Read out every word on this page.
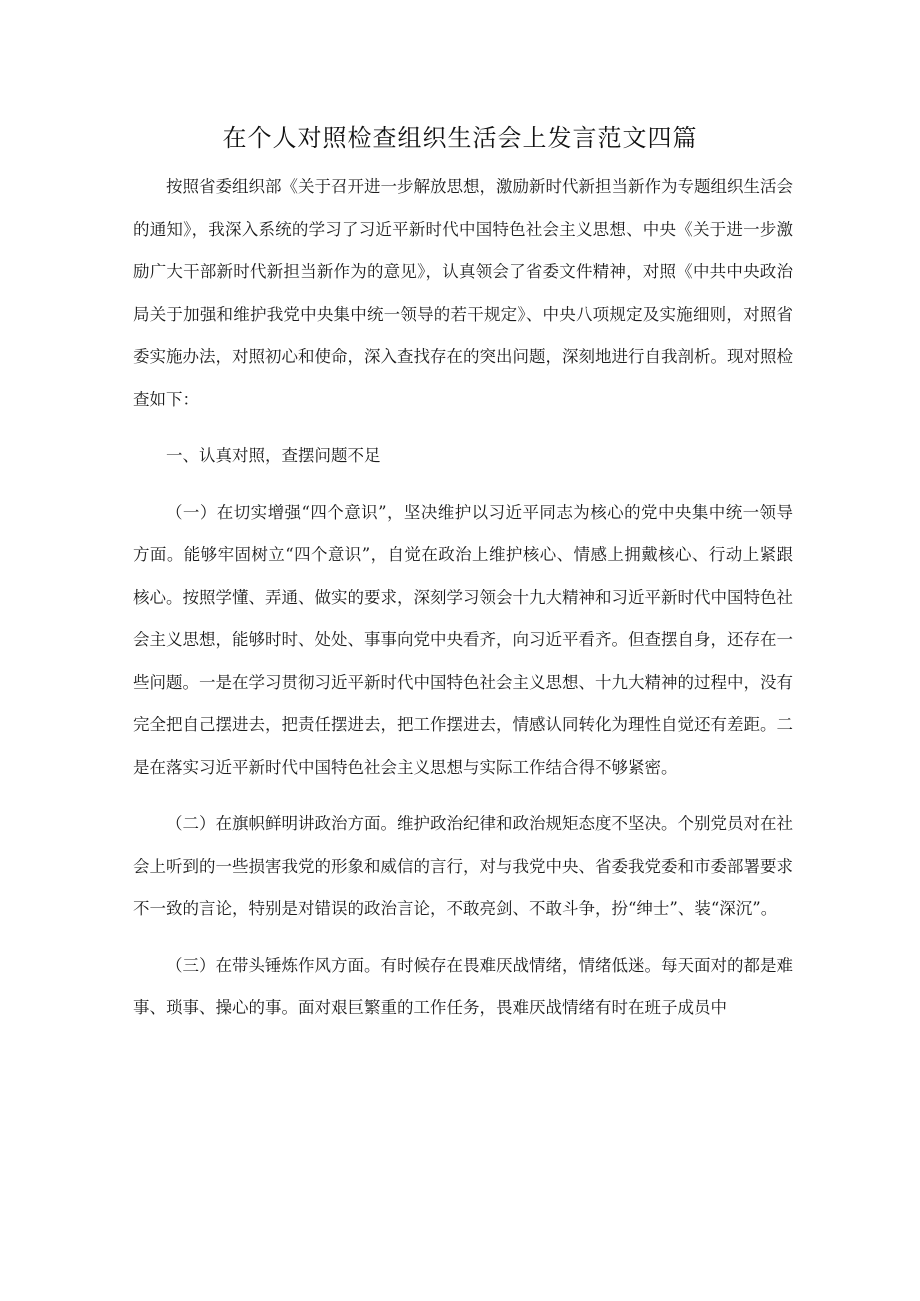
在个人对照检查组织生活会上发言范文四篇

按照省委组织部《关于召开进一步解放思想，激励新时代新担当新作为专题组织生活会的通知》，我深入系统的学习了习近平新时代中国特色社会主义思想、中央《关于进一步激励广大干部新时代新担当新作为的意见》，认真领会了省委文件精神，对照《中共中央政治局关于加强和维护我党中央集中统一领导的若干规定》、中央八项规定及实施细则，对照省委实施办法，对照初心和使命，深入查找存在的突出问题，深刻地进行自我剖析。现对照检查如下：

一、认真对照，查摆问题不足

（一）在切实增强“四个意识”，坚决维护以习近平同志为核心的党中央集中统一领导方面。能够牢固树立“四个意识”，自觉在政治上维护核心、情感上拥戴核心、行动上紧跟核心。按照学懂、弄通、做实的要求，深刻学习领会十九大精神和习近平新时代中国特色社会主义思想，能够时时、处处、事事向党中央看齐，向习近平看齐。但查摆自身，还存在一些问题。一是在学习贯彻习近平新时代中国特色社会主义思想、十九大精神的过程中，没有完全把自己摆进去，把责任摆进去，把工作摆进去，情感认同转化为理性自觉还有差距。二是在落实习近平新时代中国特色社会主义思想与实际工作结合得不够紧密。

（二）在旗帜鲜明讲政治方面。维护政治纪律和政治规矩态度不坚决。个别党员对在社会上听到的一些损害我党的形象和威信的言行，对与我党中央、省委我党委和市委部署要求不一致的言论，特别是对错误的政治言论，不敢亮剑、不敢斗争，扮“绅士”、装“深沉”。

（三）在带头锤炼作风方面。有时候存在畏难厌战情绪，情绪低迷。每天面对的都是难事、琐事、操心的事。面对艰巨繁重的工作任务，畏难厌战情绪有时在班子成员中
